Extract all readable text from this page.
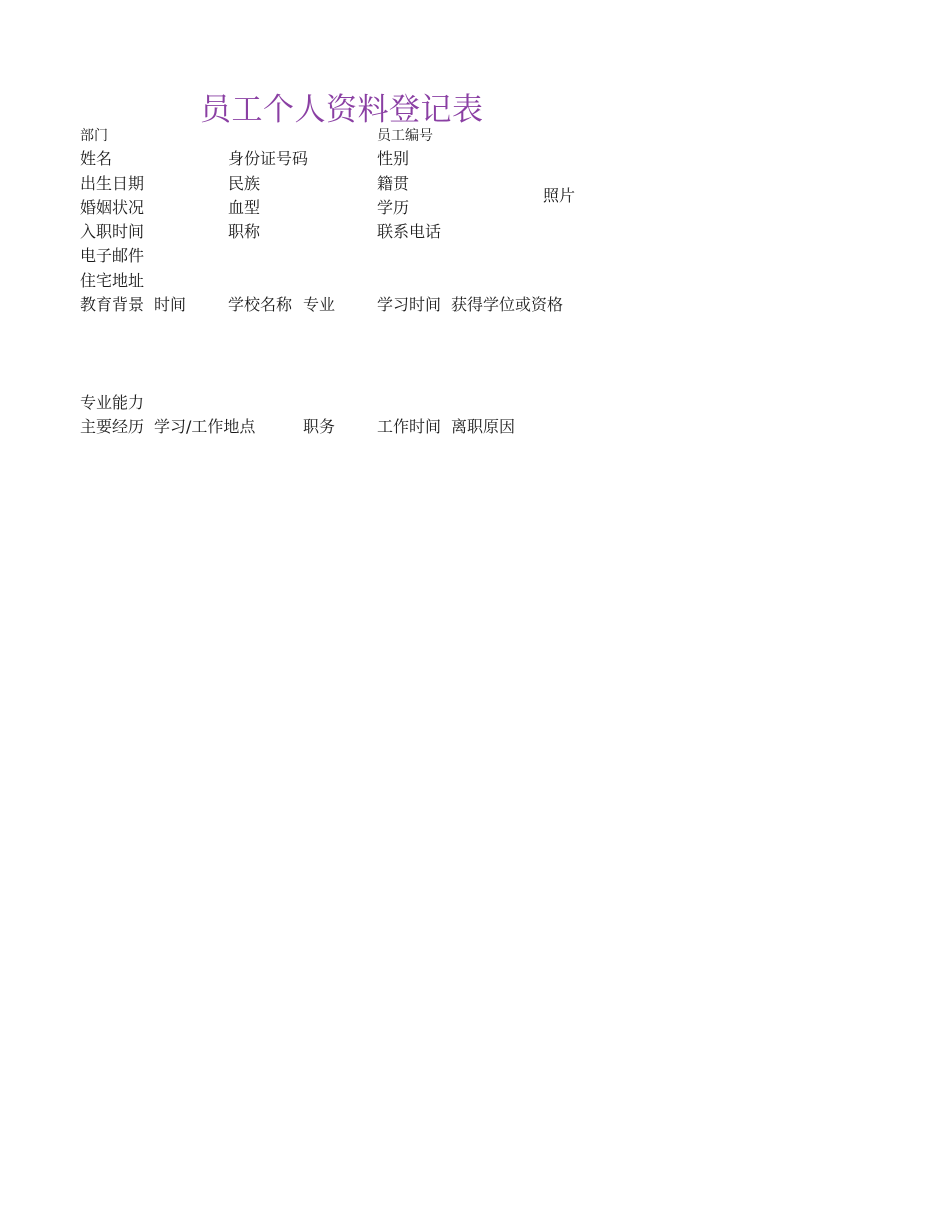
员工个人资料登记表
部门	员工编号
姓名	身份证号码	性别
出生日期	民族	籍贯
照片
婚姻状况	血型	学历
入职时间	职称	联系电话
电子邮件
住宅地址
教育背景 时间	学校名称 专业	学习时间 获得学位或资格
专业能力
主要经历 学习/工作地点	职务	工作时间 离职原因
